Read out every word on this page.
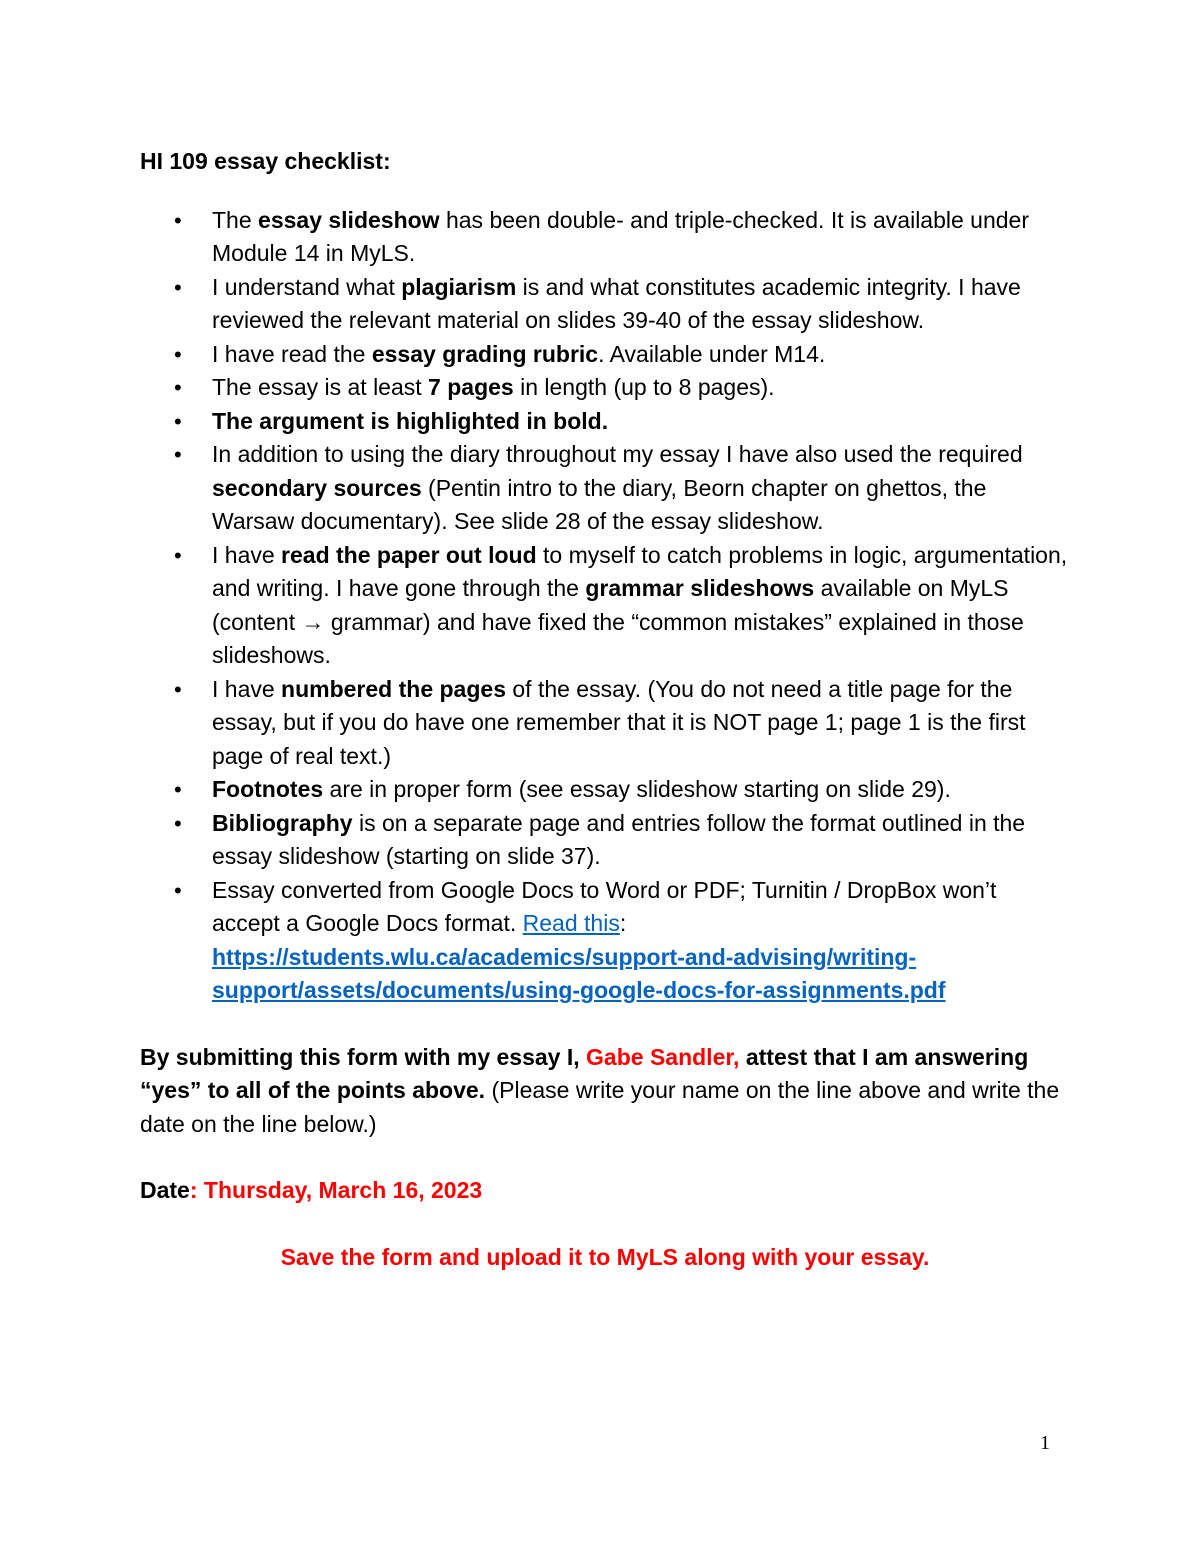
HI 109 essay checklist:
• The essay slideshow has been double- and triple-checked. It is available under Module 14 in MyLS.
• I understand what plagiarism is and what constitutes academic integrity. I have reviewed the relevant material on slides 39-40 of the essay slideshow.
• I have read the essay grading rubric. Available under M14.
• The essay is at least 7 pages in length (up to 8 pages).
• The argument is highlighted in bold.
• In addition to using the diary throughout my essay I have also used the required secondary sources (Pentin intro to the diary, Beorn chapter on ghettos, the Warsaw documentary). See slide 28 of the essay slideshow.
• I have read the paper out loud to myself to catch problems in logic, argumentation, and writing. I have gone through the grammar slideshows available on MyLS (content → grammar) and have fixed the “common mistakes” explained in those slideshows.
• I have numbered the pages of the essay. (You do not need a title page for the essay, but if you do have one remember that it is NOT page 1; page 1 is the first page of real text.)
• Footnotes are in proper form (see essay slideshow starting on slide 29).
• Bibliography is on a separate page and entries follow the format outlined in the essay slideshow (starting on slide 37).
• Essay converted from Google Docs to Word or PDF; Turnitin / DropBox won’t accept a Google Docs format. Read this: https://students.wlu.ca/academics/support-and-advising/writing-support/assets/documents/using-google-docs-for-assignments.pdf
By submitting this form with my essay I, Gabe Sandler, attest that I am answering “yes” to all of the points above. (Please write your name on the line above and write the date on the line below.)
Date: Thursday, March 16, 2023
Save the form and upload it to MyLS along with your essay.
1
